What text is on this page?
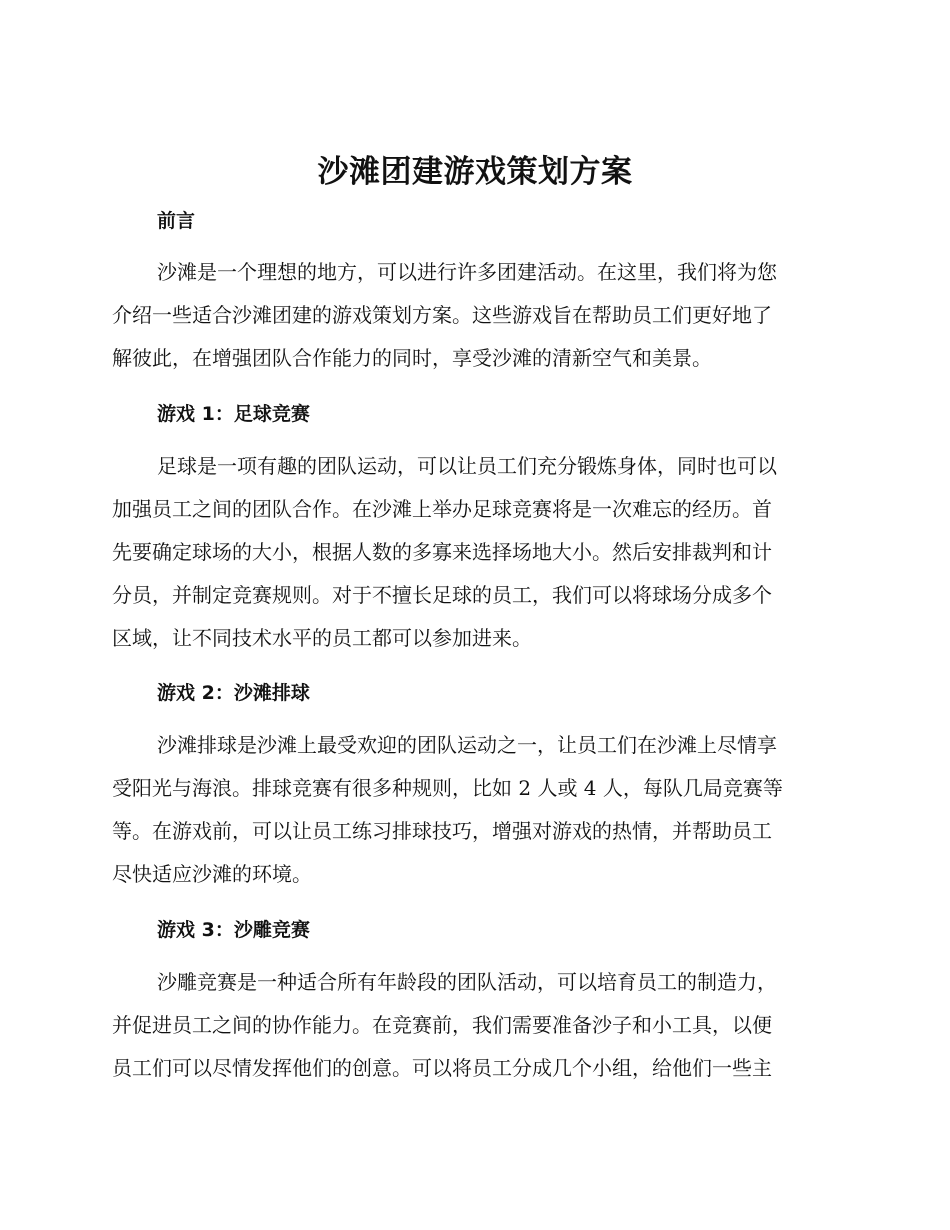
沙滩团建游戏策划方案
前言
沙滩是一个理想的地方，可以进行许多团建活动。在这里，我们将为您
介绍一些适合沙滩团建的游戏策划方案。这些游戏旨在帮助员工们更好地了
解彼此，在增强团队合作能力的同时，享受沙滩的清新空气和美景。
游戏 1：足球竞赛
足球是一项有趣的团队运动，可以让员工们充分锻炼身体，同时也可以
加强员工之间的团队合作。在沙滩上举办足球竞赛将是一次难忘的经历。首
先要确定球场的大小，根据人数的多寡来选择场地大小。然后安排裁判和计
分员，并制定竞赛规则。对于不擅长足球的员工，我们可以将球场分成多个
区域，让不同技术水平的员工都可以参加进来。
游戏 2：沙滩排球
沙滩排球是沙滩上最受欢迎的团队运动之一，让员工们在沙滩上尽情享
受阳光与海浪。排球竞赛有很多种规则，比如 2 人或 4 人，每队几局竞赛等
等。在游戏前，可以让员工练习排球技巧，增强对游戏的热情，并帮助员工
尽快适应沙滩的环境。
游戏 3：沙雕竞赛
沙雕竞赛是一种适合所有年龄段的团队活动，可以培育员工的制造力，
并促进员工之间的协作能力。在竞赛前，我们需要准备沙子和小工具，以便
员工们可以尽情发挥他们的创意。可以将员工分成几个小组，给他们一些主
